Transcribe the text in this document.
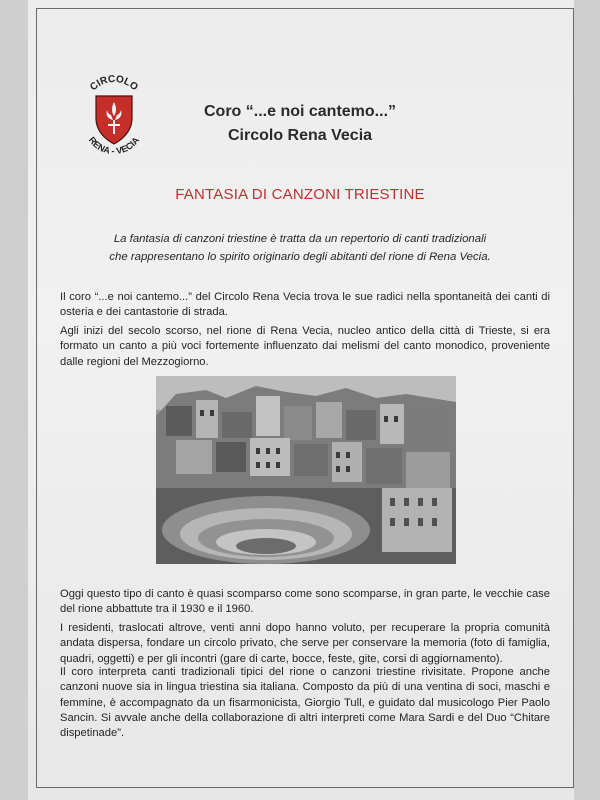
CIRCOLO
RENA - VECIA
Coro “...e noi cantemo...”
Circolo Rena Vecia
FANTASIA DI CANZONI TRIESTINE
La fantasia di canzoni triestine è tratta da un repertorio di canti tradizionali
che rappresentano lo spirito originario degli abitanti del rione di Rena Vecia.
Il coro “...e noi cantemo...” del Circolo Rena Vecia trova le sue radici nella spontaneità dei canti di osteria e dei cantastorie di strada.
Agli inizi del secolo scorso, nel rione di Rena Vecia, nucleo antico della città di Trieste, si era formato un canto a più voci fortemente influenzato dai melismi del canto monodico, proveniente dalle regioni del Mezzogiorno.
Oggi questo tipo di canto è quasi scomparso come sono scomparse, in gran parte, le vecchie case del rione abbattute tra il 1930 e il 1960.
I residenti, traslocati altrove, venti anni dopo hanno voluto, per recuperare la propria comunità andata dispersa, fondare un circolo privato, che serve per conservare la memoria (foto di famiglia, quadri, oggetti) e per gli incontri (gare di carte, bocce, feste, gite, corsi di aggiornamento).
Il coro interpreta canti tradizionali tipici del rione o canzoni triestine rivisitate. Propone anche canzoni nuove sia in lingua triestina sia italiana. Composto da più di una ventina di soci, maschi e femmine, è accompagnato da un fisarmonicista, Giorgio Tull, e guidato dal musicologo Pier Paolo Sancin. Si avvale anche della collaborazione di altri interpreti come Mara Sardi e del Duo “Chitare dispetinade”.
